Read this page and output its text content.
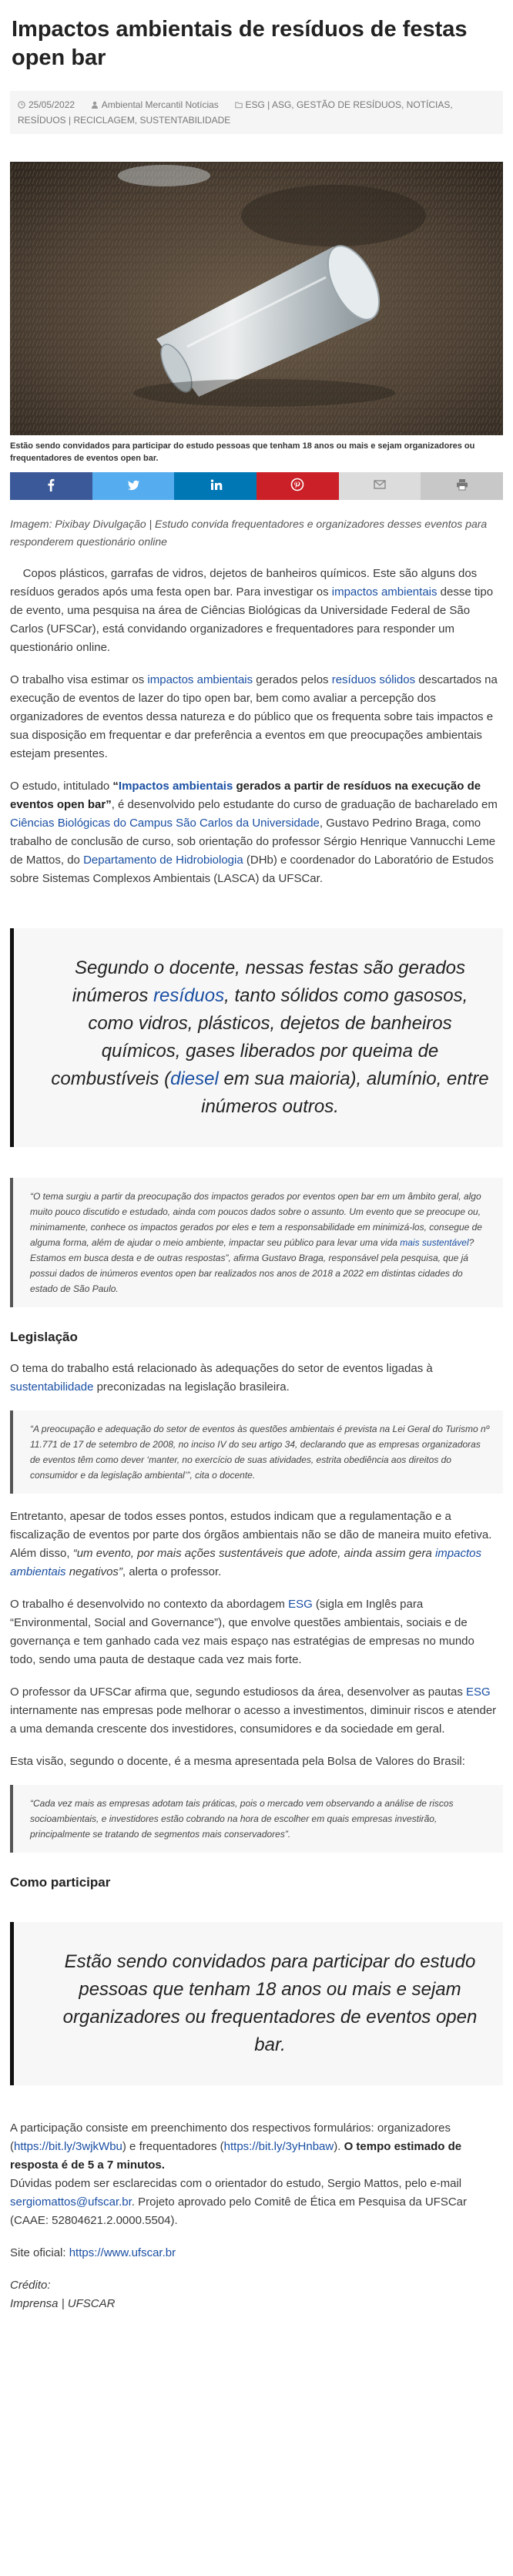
Impactos ambientais de resíduos de festas open bar
25/05/2022	Ambiental Mercantil Notícias	ESG | ASG, GESTÃO DE RESÍDUOS, NOTÍCIAS,
RESÍDUOS | RECICLAGEM, SUSTENTABILIDADE
Estão sendo convidados para participar do estudo pessoas que tenham 18 anos ou mais e sejam organizadores ou frequentadores de eventos open bar.

Imagem: Pixibay Divulgação | Estudo convida frequentadores e organizadores desses eventos para responderem questionário online

Copos plásticos, garrafas de vidros, dejetos de banheiros químicos. Este são alguns dos resíduos gerados após uma festa open bar. Para investigar os impactos ambientais desse tipo de evento, uma pesquisa na área de Ciências Biológicas da Universidade Federal de São Carlos (UFSCar), está convidando organizadores e frequentadores para responder um questionário online.

O trabalho visa estimar os impactos ambientais gerados pelos resíduos sólidos descartados na execução de eventos de lazer do tipo open bar, bem como avaliar a percepção dos organizadores de eventos dessa natureza e do público que os frequenta sobre tais impactos e sua disposição em frequentar e dar preferência a eventos em que preocupações ambientais estejam presentes.

O estudo, intitulado “Impactos ambientais gerados a partir de resíduos na execução de eventos open bar”, é desenvolvido pelo estudante do curso de graduação de bacharelado em Ciências Biológicas do Campus São Carlos da Universidade, Gustavo Pedrino Braga, como trabalho de conclusão de curso, sob orientação do professor Sérgio Henrique Vannucchi Leme de Mattos, do Departamento de Hidrobiologia (DHb) e coordenador do Laboratório de Estudos sobre Sistemas Complexos Ambientais (LASCA) da UFSCar.

Segundo o docente, nessas festas são gerados inúmeros resíduos, tanto sólidos como gasosos, como vidros, plásticos, dejetos de banheiros químicos, gases liberados por queima de combustíveis (diesel em sua maioria), alumínio, entre inúmeros outros.
“O tema surgiu a partir da preocupação dos impactos gerados por eventos open bar em um âmbito geral, algo muito pouco discutido e estudado, ainda com poucos dados sobre o assunto. Um evento que se preocupe ou, minimamente, conhece os impactos gerados por eles e tem a responsabilidade em minimizá-los, consegue de alguma forma, além de ajudar o meio ambiente, impactar seu público para levar uma vida mais sustentável? Estamos em busca desta e de outras respostas”, afirma Gustavo Braga, responsável pela pesquisa, que já possui dados de inúmeros eventos open bar realizados nos anos de 2018 a 2022 em distintas cidades do estado de São Paulo.
Legislação

O tema do trabalho está relacionado às adequações do setor de eventos ligadas à sustentabilidade preconizadas na legislação brasileira.

“A preocupação e adequação do setor de eventos às questões ambientais é prevista na Lei Geral do Turismo nº 11.771 de 17 de setembro de 2008, no inciso IV do seu artigo 34, declarando que as empresas organizadoras de eventos têm como dever ‘manter, no exercício de suas atividades, estrita obediência aos direitos do consumidor e da legislação ambiental’”, cita o docente.

Entretanto, apesar de todos esses pontos, estudos indicam que a regulamentação e a fiscalização de eventos por parte dos órgãos ambientais não se dão de maneira muito efetiva. Além disso, “um evento, por mais ações sustentáveis que adote, ainda assim gera impactos ambientais negativos”, alerta o professor.

O trabalho é desenvolvido no contexto da abordagem ESG (sigla em Inglês para “Environmental, Social and Governance”), que envolve questões ambientais, sociais e de governança e tem ganhado cada vez mais espaço nas estratégias de empresas no mundo todo, sendo uma pauta de destaque cada vez mais forte.

O professor da UFSCar afirma que, segundo estudiosos da área, desenvolver as pautas ESG internamente nas empresas pode melhorar o acesso a investimentos, diminuir riscos e atender a uma demanda crescente dos investidores, consumidores e da sociedade em geral.

Esta visão, segundo o docente, é a mesma apresentada pela Bolsa de Valores do Brasil:

“Cada vez mais as empresas adotam tais práticas, pois o mercado vem observando a análise de riscos socioambientais, e investidores estão cobrando na hora de escolher em quais empresas investirão, principalmente se tratando de segmentos mais conservadores”.
Como participar
Estão sendo convidados para participar do estudo pessoas que tenham 18 anos ou mais e sejam organizadores ou frequentadores de eventos open bar.

A participação consiste em preenchimento dos respectivos formulários: organizadores (https://bit.ly/3wjkWbu) e frequentadores (https://bit.ly/3yHnbaw). O tempo estimado de resposta é de 5 a 7 minutos.
Dúvidas podem ser esclarecidas com o orientador do estudo, Sergio Mattos, pelo e-mail sergiomattos@ufscar.br. Projeto aprovado pelo Comitê de Ética em Pesquisa da UFSCar (CAAE: 52804621.2.0000.5504).

Site oficial: https://www.ufscar.br

Crédito:
Imprensa | UFSCAR
